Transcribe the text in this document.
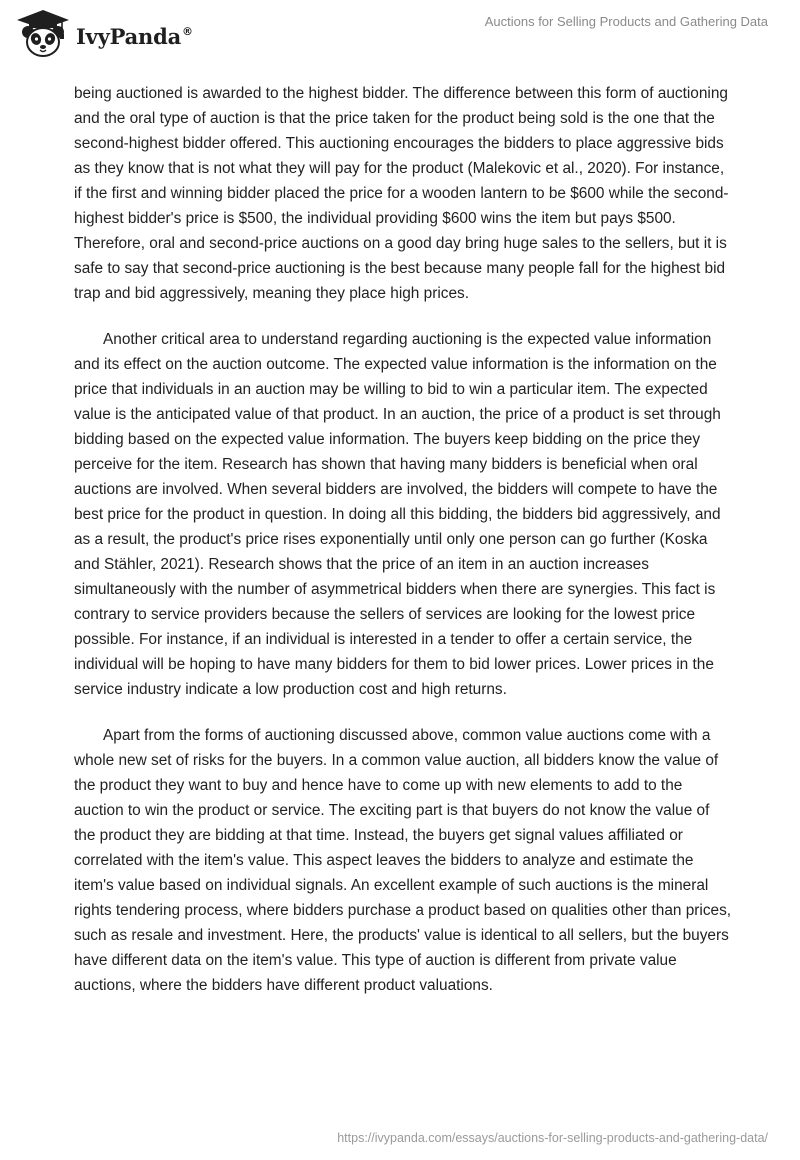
IvyPanda®
Auctions for Selling Products and Gathering Data

being auctioned is awarded to the highest bidder. The difference between this form of auctioning and the oral type of auction is that the price taken for the product being sold is the one that the second-highest bidder offered. This auctioning encourages the bidders to place aggressive bids as they know that is not what they will pay for the product (Malekovic et al., 2020). For instance, if the first and winning bidder placed the price for a wooden lantern to be $600 while the second-highest bidder's price is $500, the individual providing $600 wins the item but pays $500. Therefore, oral and second-price auctions on a good day bring huge sales to the sellers, but it is safe to say that second-price auctioning is the best because many people fall for the highest bid trap and bid aggressively, meaning they place high prices.

Another critical area to understand regarding auctioning is the expected value information and its effect on the auction outcome. The expected value information is the information on the price that individuals in an auction may be willing to bid to win a particular item. The expected value is the anticipated value of that product. In an auction, the price of a product is set through bidding based on the expected value information. The buyers keep bidding on the price they perceive for the item. Research has shown that having many bidders is beneficial when oral auctions are involved. When several bidders are involved, the bidders will compete to have the best price for the product in question. In doing all this bidding, the bidders bid aggressively, and as a result, the product's price rises exponentially until only one person can go further (Koska and Stähler, 2021). Research shows that the price of an item in an auction increases simultaneously with the number of asymmetrical bidders when there are synergies. This fact is contrary to service providers because the sellers of services are looking for the lowest price possible. For instance, if an individual is interested in a tender to offer a certain service, the individual will be hoping to have many bidders for them to bid lower prices. Lower prices in the service industry indicate a low production cost and high returns.

Apart from the forms of auctioning discussed above, common value auctions come with a whole new set of risks for the buyers. In a common value auction, all bidders know the value of the product they want to buy and hence have to come up with new elements to add to the auction to win the product or service. The exciting part is that buyers do not know the value of the product they are bidding at that time. Instead, the buyers get signal values affiliated or correlated with the item's value. This aspect leaves the bidders to analyze and estimate the item's value based on individual signals. An excellent example of such auctions is the mineral rights tendering process, where bidders purchase a product based on qualities other than prices, such as resale and investment. Here, the products' value is identical to all sellers, but the buyers have different data on the item's value. This type of auction is different from private value auctions, where the bidders have different product valuations.

https://ivypanda.com/essays/auctions-for-selling-products-and-gathering-data/
